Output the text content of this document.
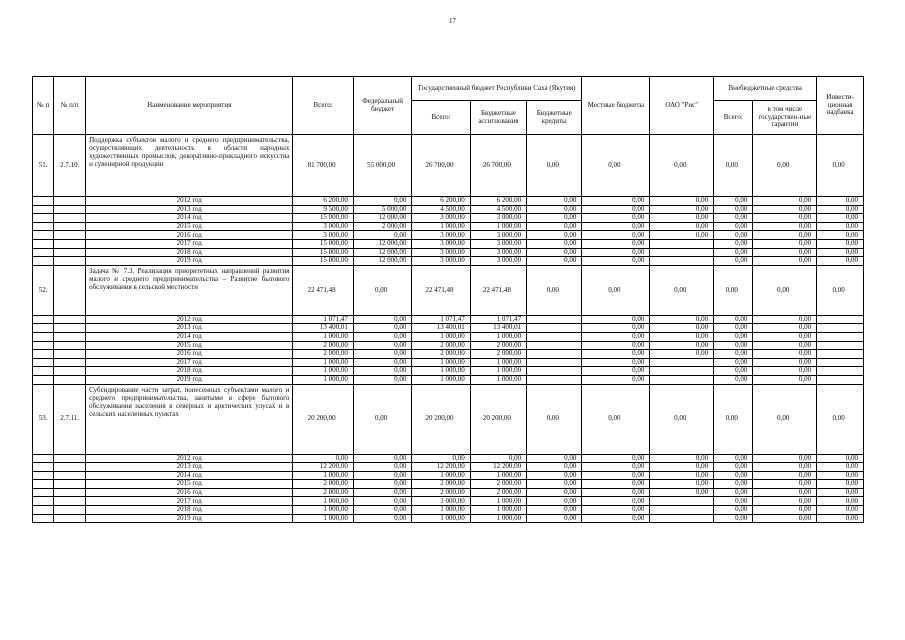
17
№ п	№ п/п	Наименование мероприятия	Всего:	Федеральный бюджет	Государственный бюджет Республики Саха (Якутия)			Местные бюджеты	ОАО "Рис"	Внебюджетные средства		Инвести-ционная надбавка
					Всего:	Бюджетные ассигнования	Бюджетные кредиты			Всего:	в том числе государствен-ные гарантии	
51.	2.7.10.	Поддержка субъектов малого и среднего предпринимательства, осуществляющих деятельность в области народных художественных промыслов, декоративно-прикладного искусства и сувенирной продукции	81 700,00	55 000,00	26 700,00	26 700,00	0,00	0,00	0,00	0,00	0,00	0,00
		2012 год	6 200,00	0,00	6 200,00	6 200,00	0,00	0,00	0,00	0,00	0,00	0,00
		2013 год	9 500,00	5 000,00	4 500,00	4 500,00	0,00	0,00	0,00	0,00	0,00	0,00
		2014 год	15 000,00	12 000,00	3 000,00	3 000,00	0,00	0,00	0,00	0,00	0,00	0,00
		2015 год	3 000,00	2 000,00	1 000,00	1 000,00	0,00	0,00	0,00	0,00	0,00	0,00
		2016 год	3 000,00	0,00	3 000,00	3 000,00	0,00	0,00	0,00	0,00	0,00	0,00
		2017 год	15 000,00	12 000,00	3 000,00	3 000,00	0,00	0,00		0,00	0,00	0,00
		2018 год	15 000,00	12 000,00	3 000,00	3 000,00	0,00	0,00		0,00	0,00	0,00
		2019 год	15 000,00	12 000,00	3 000,00	3 000,00	0,00	0,00		0,00	0,00	0,00
52.		Задача № 7.3. Реализация приоритетных направлений развития малого и среднего предпринимательства – Развитие бытового обслуживания в сельской местности	22 471,48	0,00	22 471,48	22 471,48	0,00	0,00	0,00	0,00	0,00	0,00
		2012 год	1 071,47	0,00	1 071,47	1 071,47		0,00	0,00	0,00	0,00	
		2013 год	13 400,01	0,00	13 400,01	13 400,01		0,00	0,00	0,00	0,00	
		2014 год	1 000,00	0,00	1 000,00	1 000,00		0,00	0,00	0,00	0,00	
		2015 год	2 000,00	0,00	2 000,00	2 000,00		0,00	0,00	0,00	0,00	
		2016 год	2 000,00	0,00	2 000,00	2 000,00		0,00	0,00	0,00	0,00	
		2017 год	1 000,00	0,00	1 000,00	1 000,00		0,00		0,00	0,00	
		2018 год	1 000,00	0,00	1 000,00	1 000,00		0,00		0,00	0,00	
		2019 год	1 000,00	0,00	1 000,00	1 000,00		0,00		0,00	0,00	
53.	2.7.11.	Субсидирование части затрат, понесенных субъектами малого и среднего предпринимательства, занятыми в сфере бытового обслуживания населения в северных и арктических улусах и в сельских населенных пунктах	20 200,00	0,00	20 200,00	20 200,00	0,00	0,00	0,00	0,00	0,00	0,00
		2012 год	0,00	0,00	0,00	0,00	0,00	0,00	0,00	0,00	0,00	0,00
		2013 год	12 200,00	0,00	12 200,00	12 200,00	0,00	0,00	0,00	0,00	0,00	0,00
		2014 год	1 000,00	0,00	1 000,00	1 000,00	0,00	0,00	0,00	0,00	0,00	0,00
		2015 год	2 000,00	0,00	2 000,00	2 000,00	0,00	0,00	0,00	0,00	0,00	0,00
		2016 год	2 000,00	0,00	2 000,00	2 000,00	0,00	0,00	0,00	0,00	0,00	0,00
		2017 год	1 000,00	0,00	1 000,00	1 000,00	0,00	0,00		0,00	0,00	0,00
		2018 год	1 000,00	0,00	1 000,00	1 000,00	0,00	0,00		0,00	0,00	0,00
		2019 год	1 000,00	0,00	1 000,00	1 000,00	0,00	0,00		0,00	0,00	0,00
